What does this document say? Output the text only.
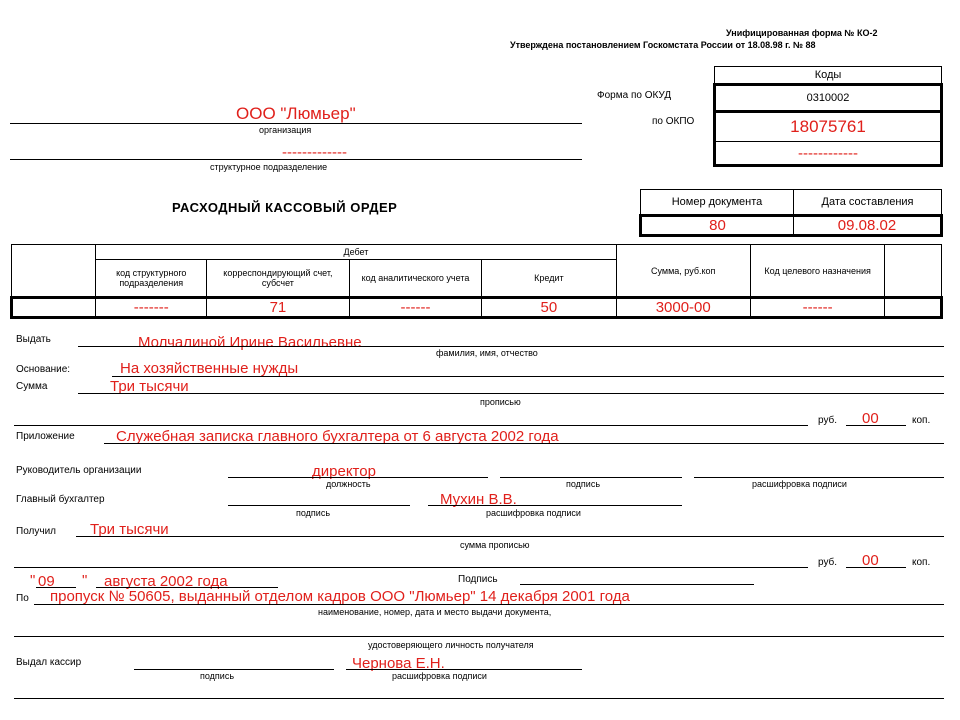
Унифицированная форма № КО-2
Утверждена постановлением Госкомстата России от 18.08.98 г. № 88
Форма по ОКУД
по ОКПО
Коды
0310002
18075761
------------
ООО "Люмьер"
организация
-------------
структурное подразделение
РАСХОДНЫЙ КАССОВЫЙ ОРДЕР	Номер документа	Дата составления
80	09.08.02
	Дебет				Сумма, руб.коп	Код целевого назначения	
	код структурного подразделения	корреспондирующий счет, субсчет	код аналитического учета	Кредит			
	-------	71	------	50	3000-00	------	
Выдать	Молчалиной Ирине Васильевне
фамилия, имя, отчество
Основание:	На хозяйственные нужды
Сумма	Три тысячи
прописью
руб. 00	коп.
Приложение	Служебная записка главного бухгалтера от 6 августа 2002 года
Руководитель организации	директор
должность	подпись	расшифровка подписи
Главный бухгалтер
подпись
Мухин В.В.
расшифровка подписи
Получил Три тысячи
сумма прописью
руб. 00	коп.
" 09 " августа 2002 года	Подпись
По пропуск № 50605, выданный отделом кадров ООО "Люмьер" 14 декабря 2001 года
наименование, номер, дата и место выдачи документа,
удостоверяющего личность получателя
Выдал кассир
подпись
Чернова Е.Н.
расшифровка подписи
